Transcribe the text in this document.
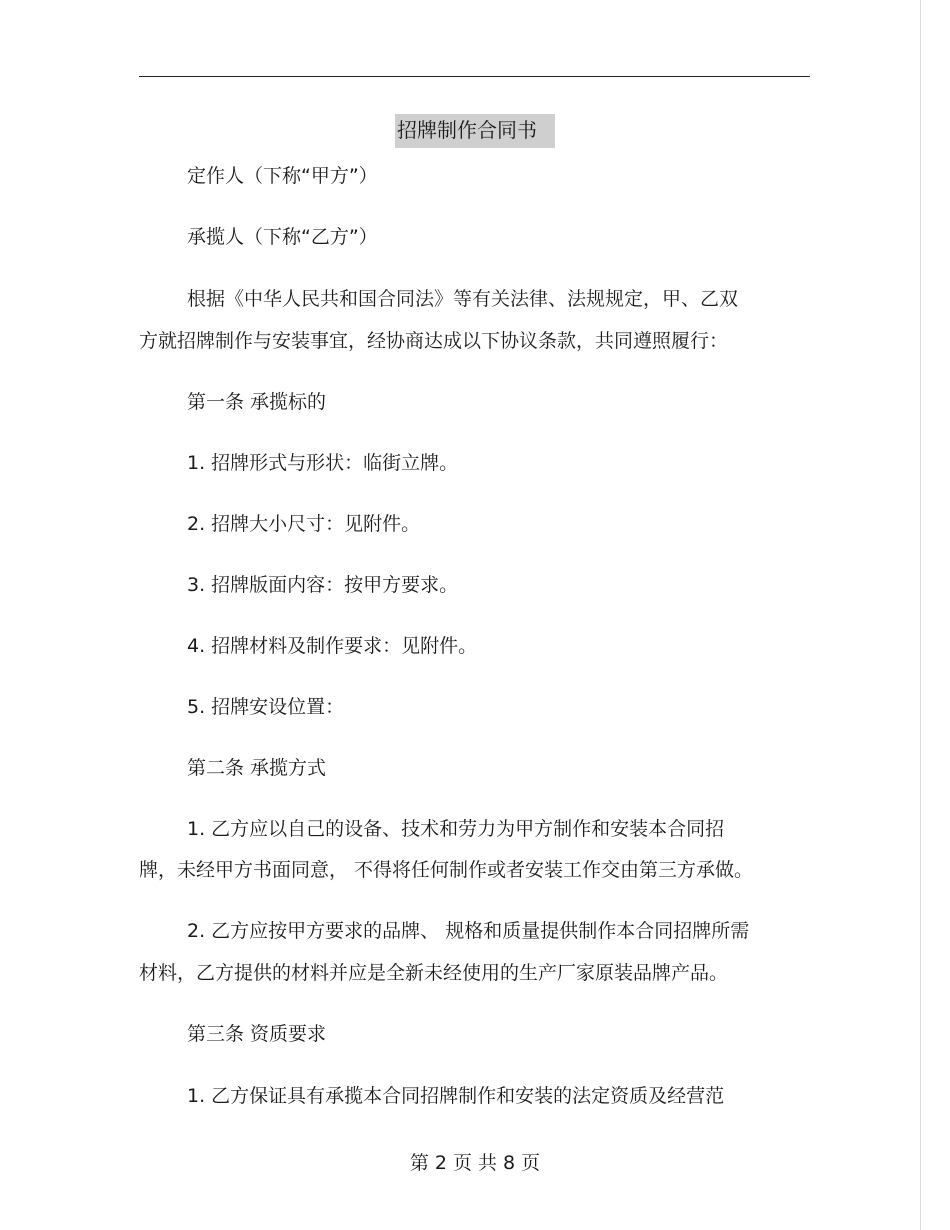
招牌制作合同书
定作人（下称“甲方”）
承揽人（下称“乙方”）
根据《中华人民共和国合同法》等有关法律、法规规定，甲、乙双
方就招牌制作与安装事宜，经协商达成以下协议条款，共同遵照履行：
第一条 承揽标的
1. 招牌形式与形状：临街立牌。
2. 招牌大小尺寸：见附件。
3. 招牌版面内容：按甲方要求。
4. 招牌材料及制作要求：见附件。
5. 招牌安设位置：
第二条 承揽方式
1. 乙方应以自己的设备、技术和劳力为甲方制作和安装本合同招
牌，未经甲方书面同意， 不得将任何制作或者安装工作交由第三方承做。
2. 乙方应按甲方要求的品牌、 规格和质量提供制作本合同招牌所需
材料，乙方提供的材料并应是全新未经使用的生产厂家原装品牌产品。
第三条 资质要求
1. 乙方保证具有承揽本合同招牌制作和安装的法定资质及经营范
第 2 页 共 8 页
